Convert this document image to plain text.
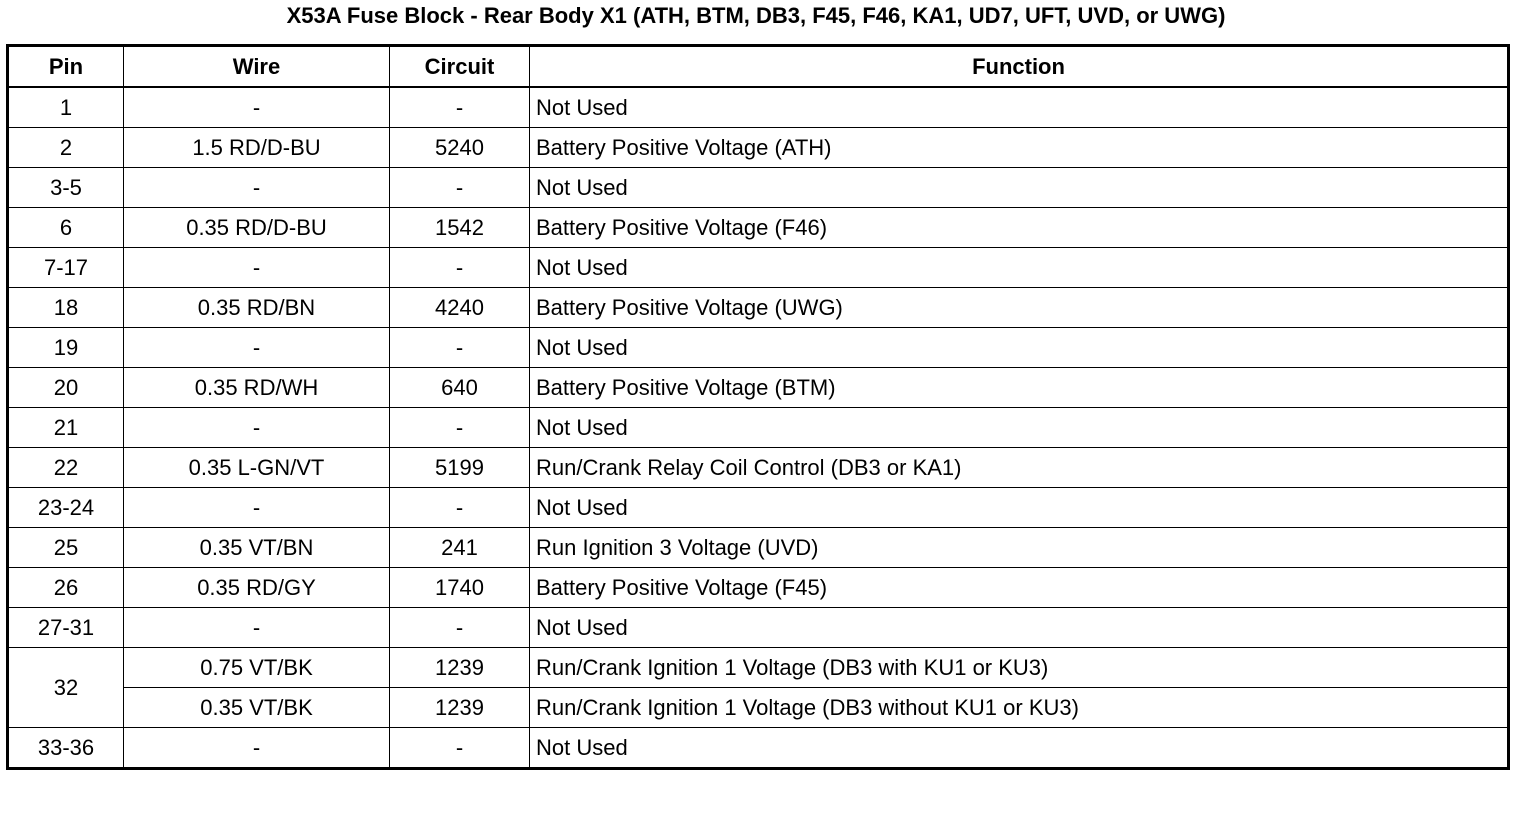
X53A Fuse Block - Rear Body X1 (ATH, BTM, DB3, F45, F46, KA1, UD7, UFT, UVD, or UWG)
Pin	Wire	Circuit	Function
1	-	-	Not Used
2	1.5 RD/D-BU	5240	Battery Positive Voltage (ATH)
3-5	-	-	Not Used
6	0.35 RD/D-BU	1542	Battery Positive Voltage (F46)
7-17	-	-	Not Used
18	0.35 RD/BN	4240	Battery Positive Voltage (UWG)
19	-	-	Not Used
20	0.35 RD/WH	640	Battery Positive Voltage (BTM)
21	-	-	Not Used
22	0.35 L-GN/VT	5199	Run/Crank Relay Coil Control (DB3 or KA1)
23-24	-	-	Not Used
25	0.35 VT/BN	241	Run Ignition 3 Voltage (UVD)
26	0.35 RD/GY	1740	Battery Positive Voltage (F45)
27-31	-	-	Not Used
32	0.75 VT/BK	1239	Run/Crank Ignition 1 Voltage (DB3 with KU1 or KU3)
	0.35 VT/BK	1239	Run/Crank Ignition 1 Voltage (DB3 without KU1 or KU3)
33-36	-	-	Not Used
